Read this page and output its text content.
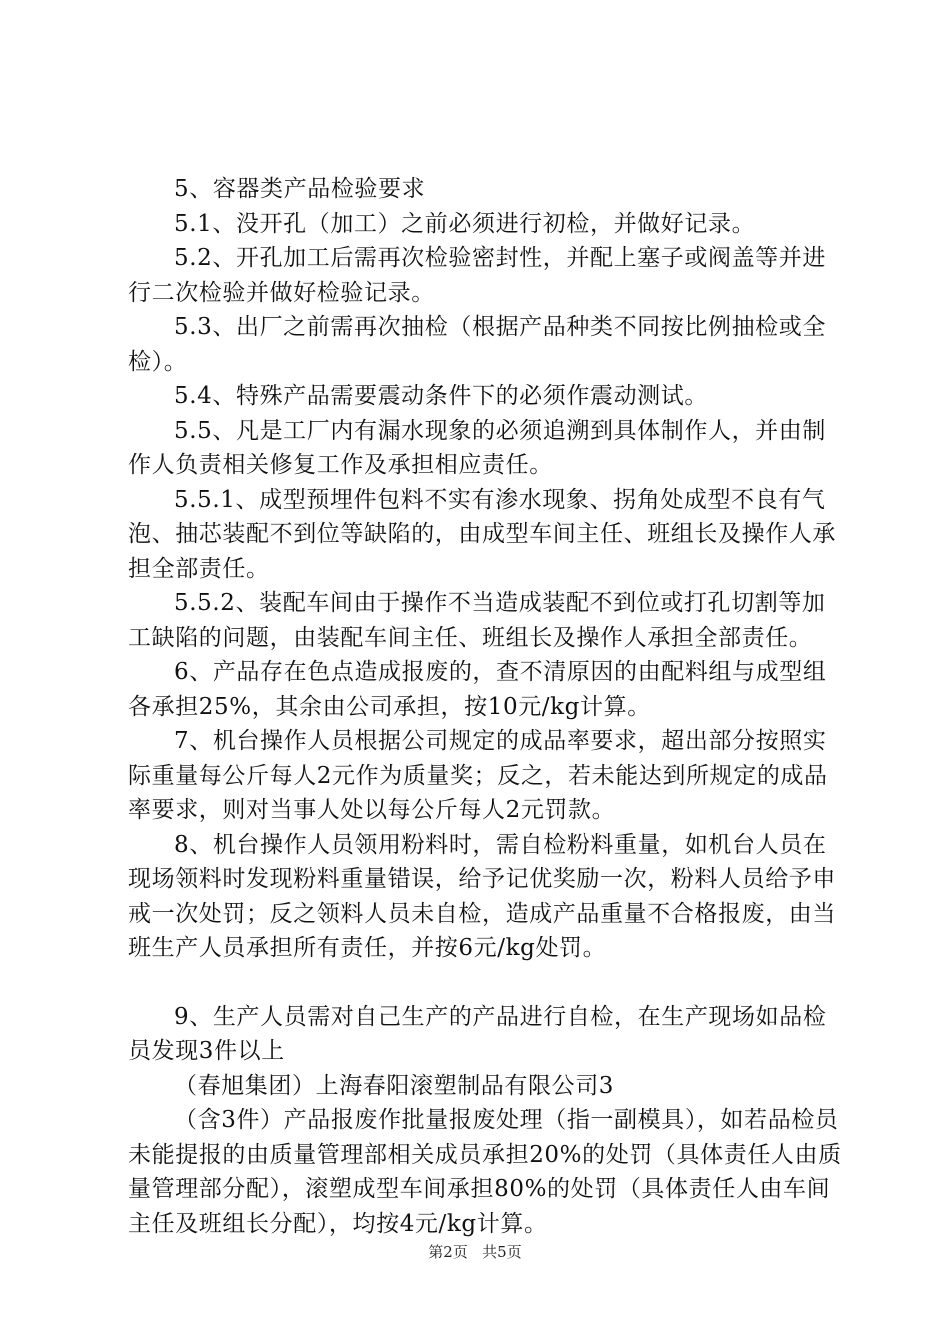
5、容器类产品检验要求

5.1、没开孔（加工）之前必须进行初检，并做好记录。

5.2、开孔加工后需再次检验密封性，并配上塞子或阀盖等并进行二次检验并做好检验记录。

5.3、出厂之前需再次抽检（根据产品种类不同按比例抽检或全检）。

5.4、特殊产品需要震动条件下的必须作震动测试。

5.5、凡是工厂内有漏水现象的必须追溯到具体制作人，并由制作人负责相关修复工作及承担相应责任。

5.5.1、成型预埋件包料不实有渗水现象、拐角处成型不良有气泡、抽芯装配不到位等缺陷的，由成型车间主任、班组长及操作人承担全部责任。

5.5.2、装配车间由于操作不当造成装配不到位或打孔切割等加工缺陷的问题，由装配车间主任、班组长及操作人承担全部责任。

6、产品存在色点造成报废的，查不清原因的由配料组与成型组各承担25%，其余由公司承担，按10元/kg计算。

7、机台操作人员根据公司规定的成品率要求，超出部分按照实际重量每公斤每人2元作为质量奖；反之，若未能达到所规定的成品率要求，则对当事人处以每公斤每人2元罚款。

8、机台操作人员领用粉料时，需自检粉料重量，如机台人员在现场领料时发现粉料重量错误，给予记优奖励一次，粉料人员给予申戒一次处罚；反之领料人员未自检，造成产品重量不合格报废，由当班生产人员承担所有责任，并按6元/kg处罚。

9、生产人员需对自己生产的产品进行自检，在生产现场如品检员发现3件以上

（春旭集团）上海春阳滚塑制品有限公司3

（含3件）产品报废作批量报废处理（指一副模具），如若品检员未能提报的由质量管理部相关成员承担20%的处罚（具体责任人由质量管理部分配），滚塑成型车间承担80%的处罚（具体责任人由车间主任及班组长分配），均按4元/kg计算。

第2页 共5页
